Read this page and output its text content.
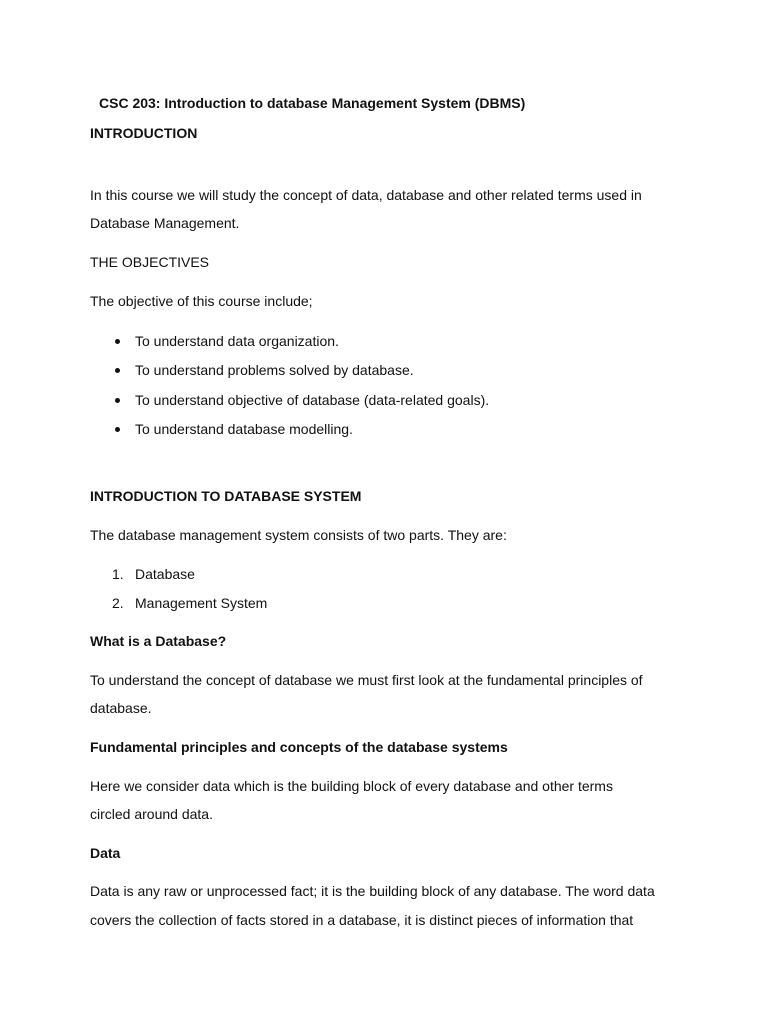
CSC 203: Introduction to database Management System (DBMS)
INTRODUCTION
In this course we will study the concept of data, database and other related terms used in
Database Management.
THE OBJECTIVES
The objective of this course include;
To understand data organization.
To understand problems solved by database.
To understand objective of database (data-related goals).
To understand database modelling.
INTRODUCTION TO DATABASE SYSTEM
The database management system consists of two parts. They are:
1. Database
2. Management System
What is a Database?
To understand the concept of database we must first look at the fundamental principles of
database.
Fundamental principles and concepts of the database systems
Here we consider data which is the building block of every database and other terms
circled around data.
Data
Data is any raw or unprocessed fact; it is the building block of any database. The word data
covers the collection of facts stored in a database, it is distinct pieces of information that
